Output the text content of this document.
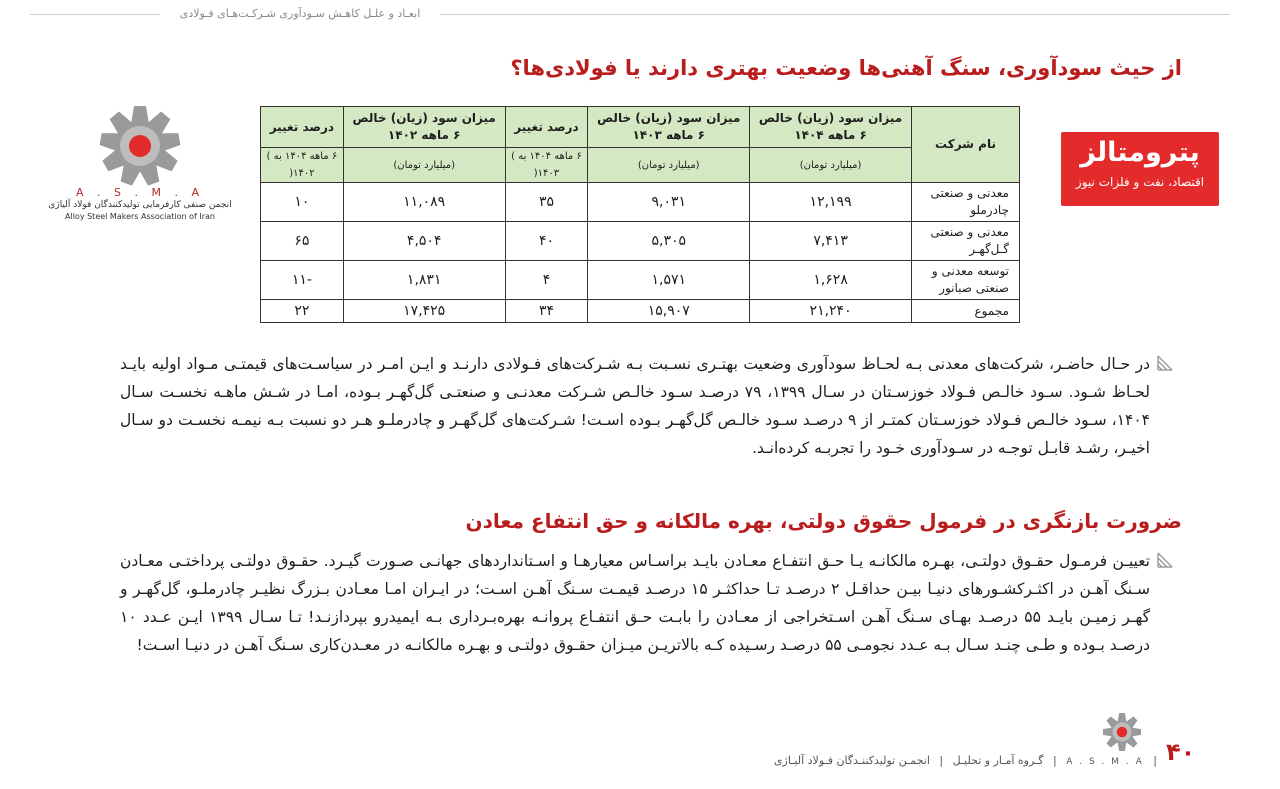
ابعـاد و علـل کاهـش سـودآوری شـرکـت‌هـای فـولادی
از حیث سودآوری، سنگ آهنی‌ها وضعیت بهتری دارند یا فولادی‌ها؟
پترومتالز
اقتصاد، نفت و فلزات نیوز
A . S . M . A
انجمن صنفی کارفرمایی تولیدکنندگان فولاد آلیاژی
Alloy Steel Makers Association of Iran
نام شرکت	میزان سود (زیان) خالص ۶ ماهه ۱۴۰۴	میزان سود (زیان) خالص ۶ ماهه ۱۴۰۳	درصد تغییر	میزان سود (زیان) خالص ۶ ماهه ۱۴۰۲	درصد تغییر
	(میلیارد تومان)	(میلیارد تومان)	۶ ماهه ۱۴۰۴ به ) ۱۴۰۳(	(میلیارد تومان)	۶ ماهه ۱۴۰۴ به ) ۱۴۰۲(
معدنی و صنعتی چادرملو	۱۲,۱۹۹	۹,۰۳۱	۳۵	۱۱,۰۸۹	۱۰
معدنی و صنعتی گـل‌گهـر	۷,۴۱۳	۵,۳۰۵	۴۰	۴,۵۰۴	۶۵
توسعه معدنی و صنعتی صبانور	۱,۶۲۸	۱,۵۷۱	۴	۱,۸۳۱	-۱۱
مجموع	۲۱,۲۴۰	۱۵,۹۰۷	۳۴	۱۷,۴۲۵	۲۲

در حـال حاضـر، شرکت‌های معدنی بـه لحـاظ سودآوری وضعیت بهتـری نسـبت بـه شـرکت‌های فـولادی دارنـد و ایـن امـر در سیاسـت‌های قیمتـی مـواد اولیه بایـد لحـاظ شـود. سـود خالـص فـولاد خوزسـتان در سـال ۱۳۹۹، ۷۹ درصـد سـود خالـص شـرکت معدنـی و صنعتـی گل‌گهـر بـوده، امـا در شـش ماهـه نخسـت سـال ۱۴۰۴، سـود خالـص فـولاد خوزسـتان کمتـر از ۹ درصـد سـود خالـص گل‌گهـر بـوده اسـت! شـرکت‌های گل‌گهـر و چادرملـو هـر دو نسبت بـه نیمـه نخسـت دو سـال اخیـر، رشـد قابـل توجـه در سـودآوری خـود را تجربـه کرده‌انـد.

ضرورت بازنگری در فرمول حقوق دولتی، بهره مالکانه و حق انتفاع معادن

تعییـن فرمـول حقـوق دولتـی، بهـره مالکانـه یـا حـق انتفـاع معـادن بایـد براسـاس معیارهـا و اسـتانداردهای جهانـی صـورت گیـرد. حقـوق دولتـی پرداختـی معـادن سـنگ آهـن در اکثـرکشـورهای دنیـا بیـن حداقـل ۲ درصـد تـا حداکثـر ۱۵ درصـد قیمـت سـنگ آهـن اسـت؛ در ایـران امـا معـادن بـزرگ نظیـر چادرملـو، گل‌گهـر و گهـر زمیـن بایـد ۵۵ درصـد بهـای سـنگ آهـن اسـتخراجی از معـادن را بابـت حـق انتفـاع پروانـه بهره‌بـرداری بـه ایمیدرو بپردازنـد! تـا سـال ۱۳۹۹ ایـن عـدد ۱۰ درصـد بـوده و طـی چنـد سـال بـه عـدد نجومـی ۵۵ درصـد رسـیده کـه بالاتریـن میـزان حقـوق دولتـی و بهـره مالکانـه در معـدن‌کاری سـنگ آهـن در دنیـا اسـت!

۴۰
| A . S . M . A | گـروه آمـار و تحلیـل | انجمـن تولیدکننـدگان فـولاد آلیـاژی
